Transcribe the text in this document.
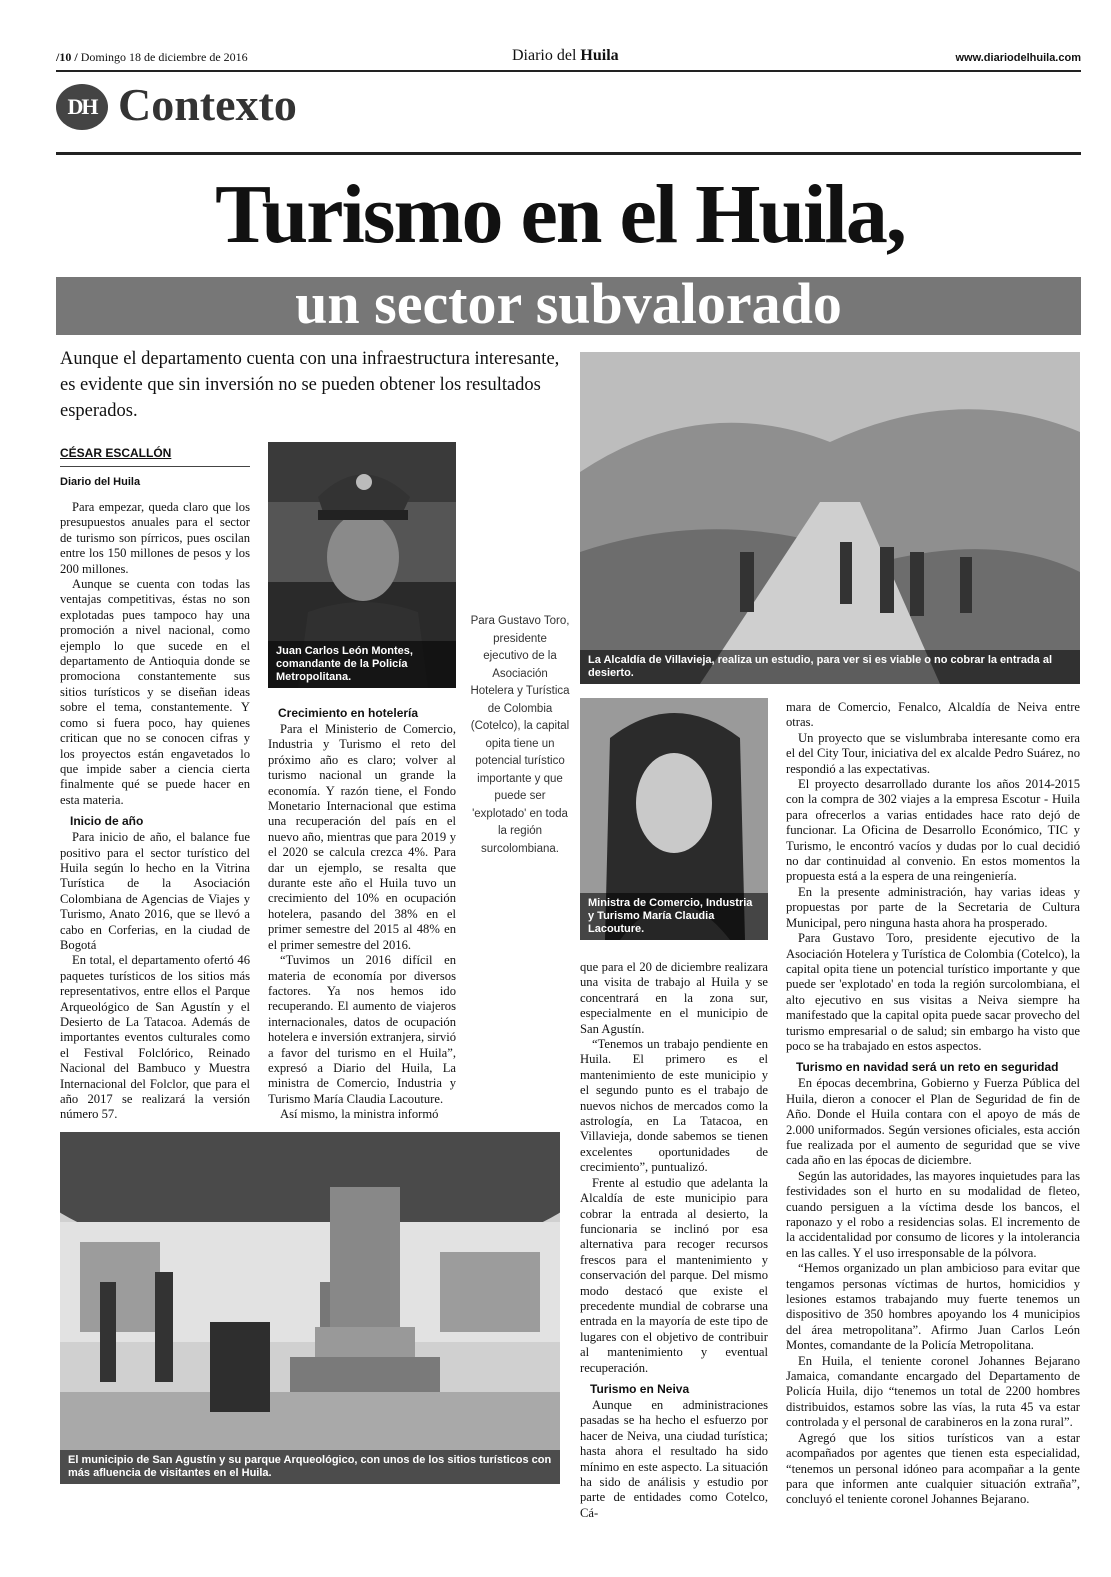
/10 / Domingo 18 de diciembre de 2016	Diario del Huila	www.diariodelhuila.com
DH Contexto
Turismo en el Huila,
un sector subvalorado
Aunque el departamento cuenta con una infraestructura interesante, es evidente que sin inversión no se pueden obtener los resultados esperados.
CÉSAR ESCALLÓN
Diario del Huila

Para empezar, queda claro que los presupuestos anuales para el sector de turismo son pírricos, pues oscilan entre los 150 millones de pesos y los 200 millones.

Aunque se cuenta con todas las ventajas competitivas, éstas no son explotadas pues tampoco hay una promoción a nivel nacional, como ejemplo lo que sucede en el departamento de Antioquia donde se promociona constantemente sus sitios turísticos y se diseñan ideas sobre el tema, constantemente. Y como si fuera poco, hay quienes critican que no se conocen cifras y los proyectos están engavetados lo que impide saber a ciencia cierta finalmente qué se puede hacer en esta materia.

Inicio de año

Para inicio de año, el balance fue positivo para el sector turístico del Huila según lo hecho en la Vitrina Turística de la Asociación Colombiana de Agencias de Viajes y Turismo, Anato 2016, que se llevó a cabo en Corferias, en la ciudad de Bogotá

En total, el departamento ofertó 46 paquetes turísticos de los sitios más representativos, entre ellos el Parque Arqueológico de San Agustín y el Desierto de La Tatacoa. Además de importantes eventos culturales como el Festival Folclórico, Reinado Nacional del Bambuco y Muestra Internacional del Folclor, que para el año 2017 se realizará la versión número 57.

Juan Carlos León Montes, comandante de la Policía Metropolitana.
Crecimiento en hotelería

Para el Ministerio de Comercio, Industria y Turismo el reto del próximo año es claro; volver al turismo nacional un grande la economía. Y razón tiene, el Fondo Monetario Internacional que estima una recuperación del país en el nuevo año, mientras que para 2019 y el 2020 se calcula crezca 4%. Para dar un ejemplo, se resalta que durante este año el Huila tuvo un crecimiento del 10% en ocupación hotelera, pasando del 38% en el primer semestre del 2015 al 48% en el primer semestre del 2016.

“Tuvimos un 2016 difícil en materia de economía por diversos factores. Ya nos hemos ido recuperando. El aumento de viajeros internacionales, datos de ocupación hotelera e inversión extranjera, sirvió a favor del turismo en el Huila”, expresó a Diario del Huila, La ministra de Comercio, Industria y Turismo María Claudia Lacouture.

Así mismo, la ministra informó

Para Gustavo Toro, presidente ejecutivo de la Asociación Hotelera y Turística de Colombia (Cotelco), la capital opita tiene un potencial turístico importante y que puede ser 'explotado' en toda la región surcolombiana.
La Alcaldía de Villavieja, realiza un estudio, para ver si es viable o no cobrar la entrada al desierto.
Ministra de Comercio, Industria y Turismo María Claudia Lacouture.

que para el 20 de diciembre realizara una visita de trabajo al Huila y se concentrará en la zona sur, especialmente en el municipio de San Agustín.

“Tenemos un trabajo pendiente en Huila. El primero es el mantenimiento de este municipio y el segundo punto es el trabajo de nuevos nichos de mercados como la astrología, en La Tatacoa, en Villavieja, donde sabemos se tienen excelentes oportunidades de crecimiento”, puntualizó.

Frente al estudio que adelanta la Alcaldía de este municipio para cobrar la entrada al desierto, la funcionaria se inclinó por esa alternativa para recoger recursos frescos para el mantenimiento y conservación del parque. Del mismo modo destacó que existe el precedente mundial de cobrarse una entrada en la mayoría de este tipo de lugares con el objetivo de contribuir al mantenimiento y eventual recuperación.

Turismo en Neiva

Aunque en administraciones pasadas se ha hecho el esfuerzo por hacer de Neiva, una ciudad turística; hasta ahora el resultado ha sido mínimo en este aspecto. La situación ha sido de análisis y estudio por parte de entidades como Cotelco, Cá-

mara de Comercio, Fenalco, Alcaldía de Neiva entre otras.

Un proyecto que se vislumbraba interesante como era el del City Tour, iniciativa del ex alcalde Pedro Suárez, no respondió a las expectativas.

El proyecto desarrollado durante los años 2014-2015 con la compra de 302 viajes a la empresa Escotur - Huila para ofrecerlos a varias entidades hace rato dejó de funcionar. La Oficina de Desarrollo Económico, TIC y Turismo, le encontró vacíos y dudas por lo cual decidió no dar continuidad al convenio. En estos momentos la propuesta está a la espera de una reingeniería.

En la presente administración, hay varias ideas y propuestas por parte de la Secretaria de Cultura Municipal, pero ninguna hasta ahora ha prosperado.

Para Gustavo Toro, presidente ejecutivo de la Asociación Hotelera y Turística de Colombia (Cotelco), la capital opita tiene un potencial turístico importante y que puede ser 'explotado' en toda la región surcolombiana, el alto ejecutivo en sus visitas a Neiva siempre ha manifestado que la capital opita puede sacar provecho del turismo empresarial o de salud; sin embargo ha visto que poco se ha trabajado en estos aspectos.

Turismo en navidad será un reto en seguridad

En épocas decembrina, Gobierno y Fuerza Pública del Huila, dieron a conocer el Plan de Seguridad de fin de Año. Donde el Huila contara con el apoyo de más de 2.000 uniformados. Según versiones oficiales, esta acción fue realizada por el aumento de seguridad que se vive cada año en las épocas de diciembre.

Según las autoridades, las mayores inquietudes para las festividades son el hurto en su modalidad de fleteo, cuando persiguen a la víctima desde los bancos, el raponazo y el robo a residencias solas. El incremento de la accidentalidad por consumo de licores y la intolerancia en las calles. Y el uso irresponsable de la pólvora.

“Hemos organizado un plan ambicioso para evitar que tengamos personas víctimas de hurtos, homicidios y lesiones estamos trabajando muy fuerte tenemos un dispositivo de 350 hombres apoyando los 4 municipios del área metropolitana”. Afirmo Juan Carlos León Montes, comandante de la Policía Metropolitana.

En Huila, el teniente coronel Johannes Bejarano Jamaica, comandante encargado del Departamento de Policía Huila, dijo “tenemos un total de 2200 hombres distribuidos, estamos sobre las vías, la ruta 45 va estar controlada y el personal de carabineros en la zona rural”.

Agregó que los sitios turísticos van a estar acompañados por agentes que tienen esta especialidad, “tenemos un personal idóneo para acompañar a la gente para que informen ante cualquier situación extraña”, concluyó el teniente coronel Johannes Bejarano.

El municipio de San Agustín y su parque Arqueológico, con unos de los sitios turísticos con más afluencia de visitantes en el Huila.
